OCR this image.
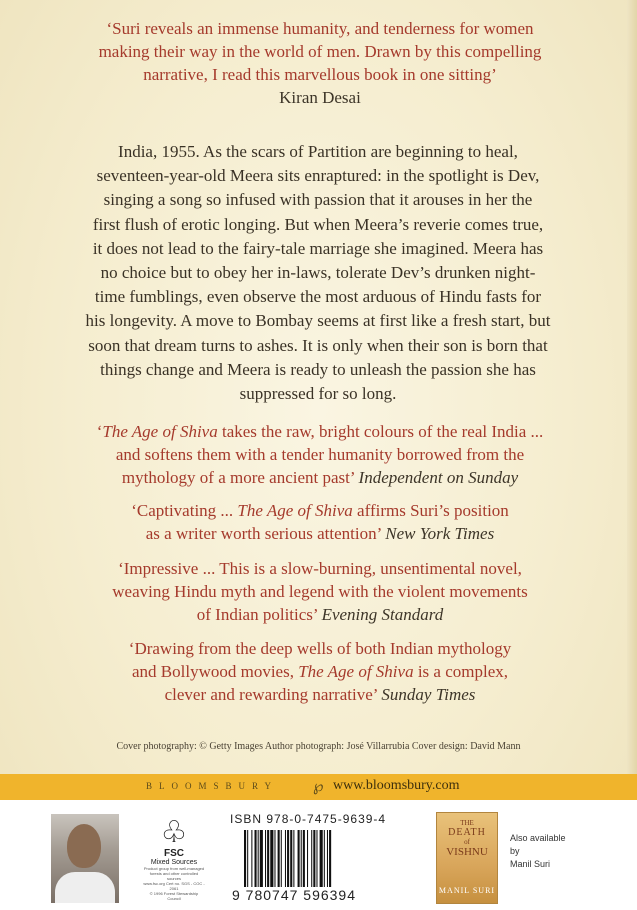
‘Suri reveals an immense humanity, and tenderness for women
making their way in the world of men. Drawn by this compelling
narrative, I read this marvellous book in one sitting’
Kiran Desai
India, 1955. As the scars of Partition are beginning to heal,
seventeen-year-old Meera sits enraptured: in the spotlight is Dev,
singing a song so infused with passion that it arouses in her the
first flush of erotic longing. But when Meera’s reverie comes true,
it does not lead to the fairy-tale marriage she imagined. Meera has
no choice but to obey her in-laws, tolerate Dev’s drunken night-
time fumblings, even observe the most arduous of Hindu fasts for
his longevity. A move to Bombay seems at first like a fresh start, but
soon that dream turns to ashes. It is only when their son is born that
things change and Meera is ready to unleash the passion she has
suppressed for so long.
‘The Age of Shiva takes the raw, bright colours of the real India ...
and softens them with a tender humanity borrowed from the
mythology of a more ancient past’ Independent on Sunday
‘Captivating ... The Age of Shiva affirms Suri’s position
as a writer worth serious attention’ New York Times
‘Impressive ... This is a slow-burning, unsentimental novel,
weaving Hindu myth and legend with the violent movements
of Indian politics’ Evening Standard
‘Drawing from the deep wells of both Indian mythology
and Bollywood movies, The Age of Shiva is a complex,
clever and rewarding narrative’ Sunday Times
Cover photography: © Getty Images Author photograph: José Villarrubia Cover design: David Mann
BLOOMSBURY ℘ www.bloomsbury.com
♧
FSC
Mixed Sources
Product group from well-managed
forests and other controlled sources
www.fsc.org Cert no. SGS - COC - 2061
© 1996 Forest Stewardship Council
ISBN 978-0-7475-9639-4
9 780747 596394
THE
DEATH
of
VISHNU
MANIL SURI
Also available
by
Manil Suri
